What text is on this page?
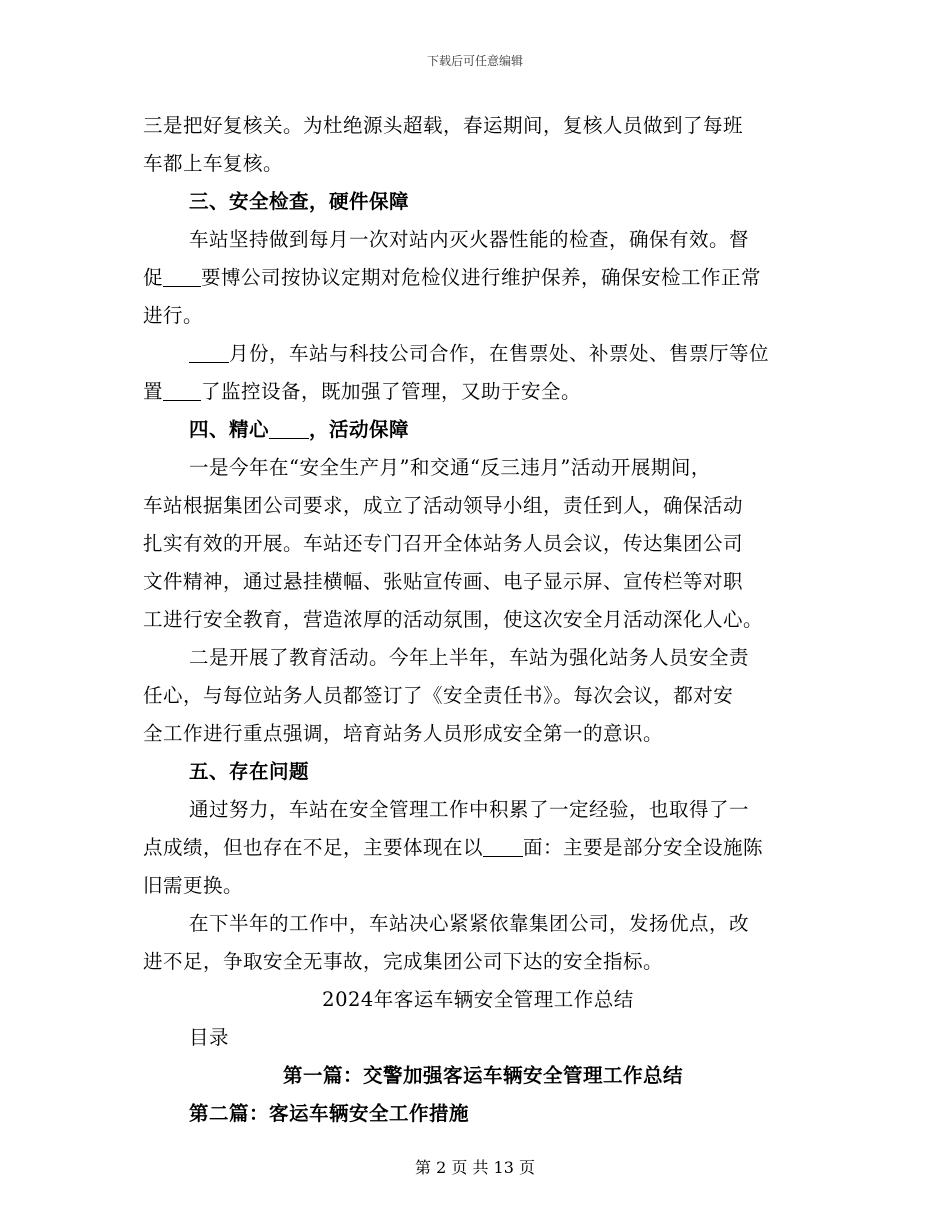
下载后可任意编辑
三是把好复核关。为杜绝源头超载，春运期间，复核人员做到了每班
车都上车复核。
三、安全检查，硬件保障
车站坚持做到每月一次对站内灭火器性能的检查，确保有效。督
促 要博公司按协议定期对危检仪进行维护保养，确保安检工作正常
进行。
月份，车站与科技公司合作，在售票处、补票处、售票厅等位
置 了监控设备，既加强了管理，又助于安全。
四、精心 ，活动保障
一是今年在“安全生产月”和交通“反三违月”活动开展期间，
车站根据集团公司要求，成立了活动领导小组，责任到人，确保活动
扎实有效的开展。车站还专门召开全体站务人员会议，传达集团公司
文件精神，通过悬挂横幅、张贴宣传画、电子显示屏、宣传栏等对职
工进行安全教育，营造浓厚的活动氛围，使这次安全月活动深化人心。
二是开展了教育活动。今年上半年，车站为强化站务人员安全责
任心，与每位站务人员都签订了《安全责任书》。每次会议，都对安
全工作进行重点强调，培育站务人员形成安全第一的意识。
五、存在问题
通过努力，车站在安全管理工作中积累了一定经验，也取得了一
点成绩，但也存在不足，主要体现在以 面：主要是部分安全设施陈
旧需更换。
在下半年的工作中，车站决心紧紧依靠集团公司，发扬优点，改
进不足，争取安全无事故，完成集团公司下达的安全指标。
2024年客运车辆安全管理工作总结
目录
第一篇：交警加强客运车辆安全管理工作总结
第二篇：客运车辆安全工作措施
第 2 页 共 13 页
